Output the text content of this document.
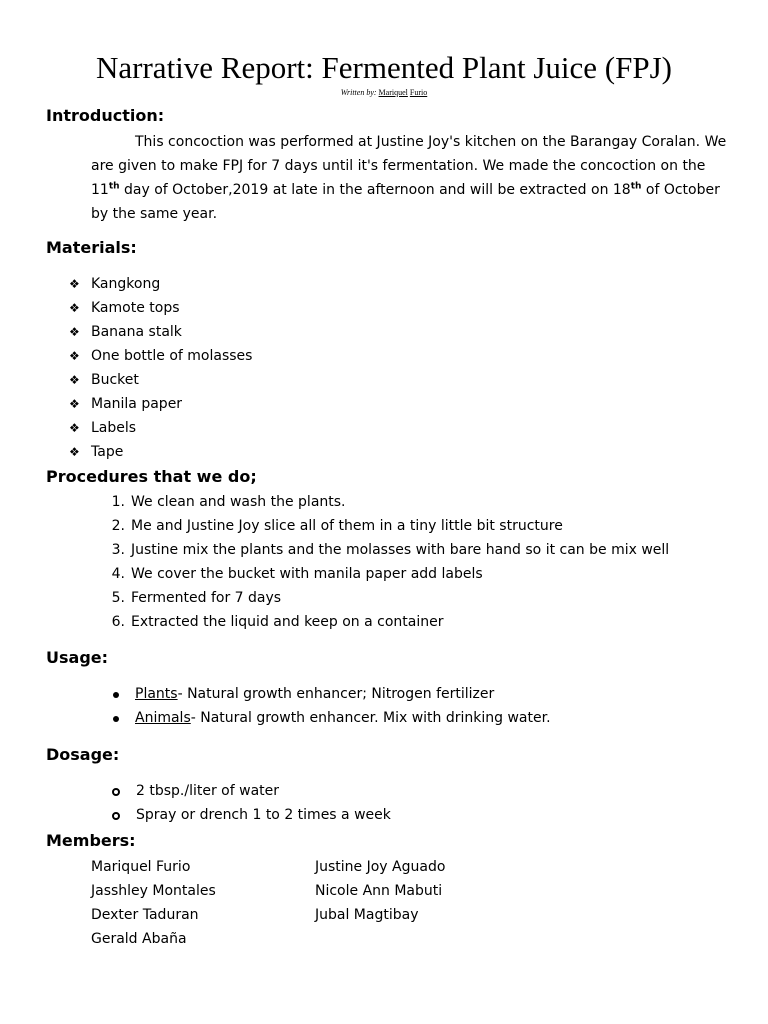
Narrative Report: Fermented Plant Juice (FPJ)
Written by: Mariquel Furio
Introduction:
This concoction was performed at Justine Joy's kitchen on the Barangay Coralan. We are given to make FPJ for 7 days until it's fermentation. We made the concoction on the 11th day of October,2019 at late in the afternoon and will be extracted on 18th of October by the same year.
Materials:
❖ Kangkong
❖ Kamote tops
❖ Banana stalk
❖ One bottle of molasses
❖ Bucket
❖ Manila paper
❖ Labels
❖ Tape
Procedures that we do;
1. We clean and wash the plants.
2. Me and Justine Joy slice all of them in a tiny little bit structure
3. Justine mix the plants and the molasses with bare hand so it can be mix well
4. We cover the bucket with manila paper add labels
5. Fermented for 7 days
6. Extracted the liquid and keep on a container
Usage:
Plants- Natural growth enhancer; Nitrogen fertilizer
Animals- Natural growth enhancer. Mix with drinking water.
Dosage:
2 tbsp./liter of water
Spray or drench 1 to 2 times a week
Members:
Mariquel Furio	Justine Joy Aguado
Jasshley Montales	Nicole Ann Mabuti
Dexter Taduran	Jubal Magtibay
Gerald Abaña
